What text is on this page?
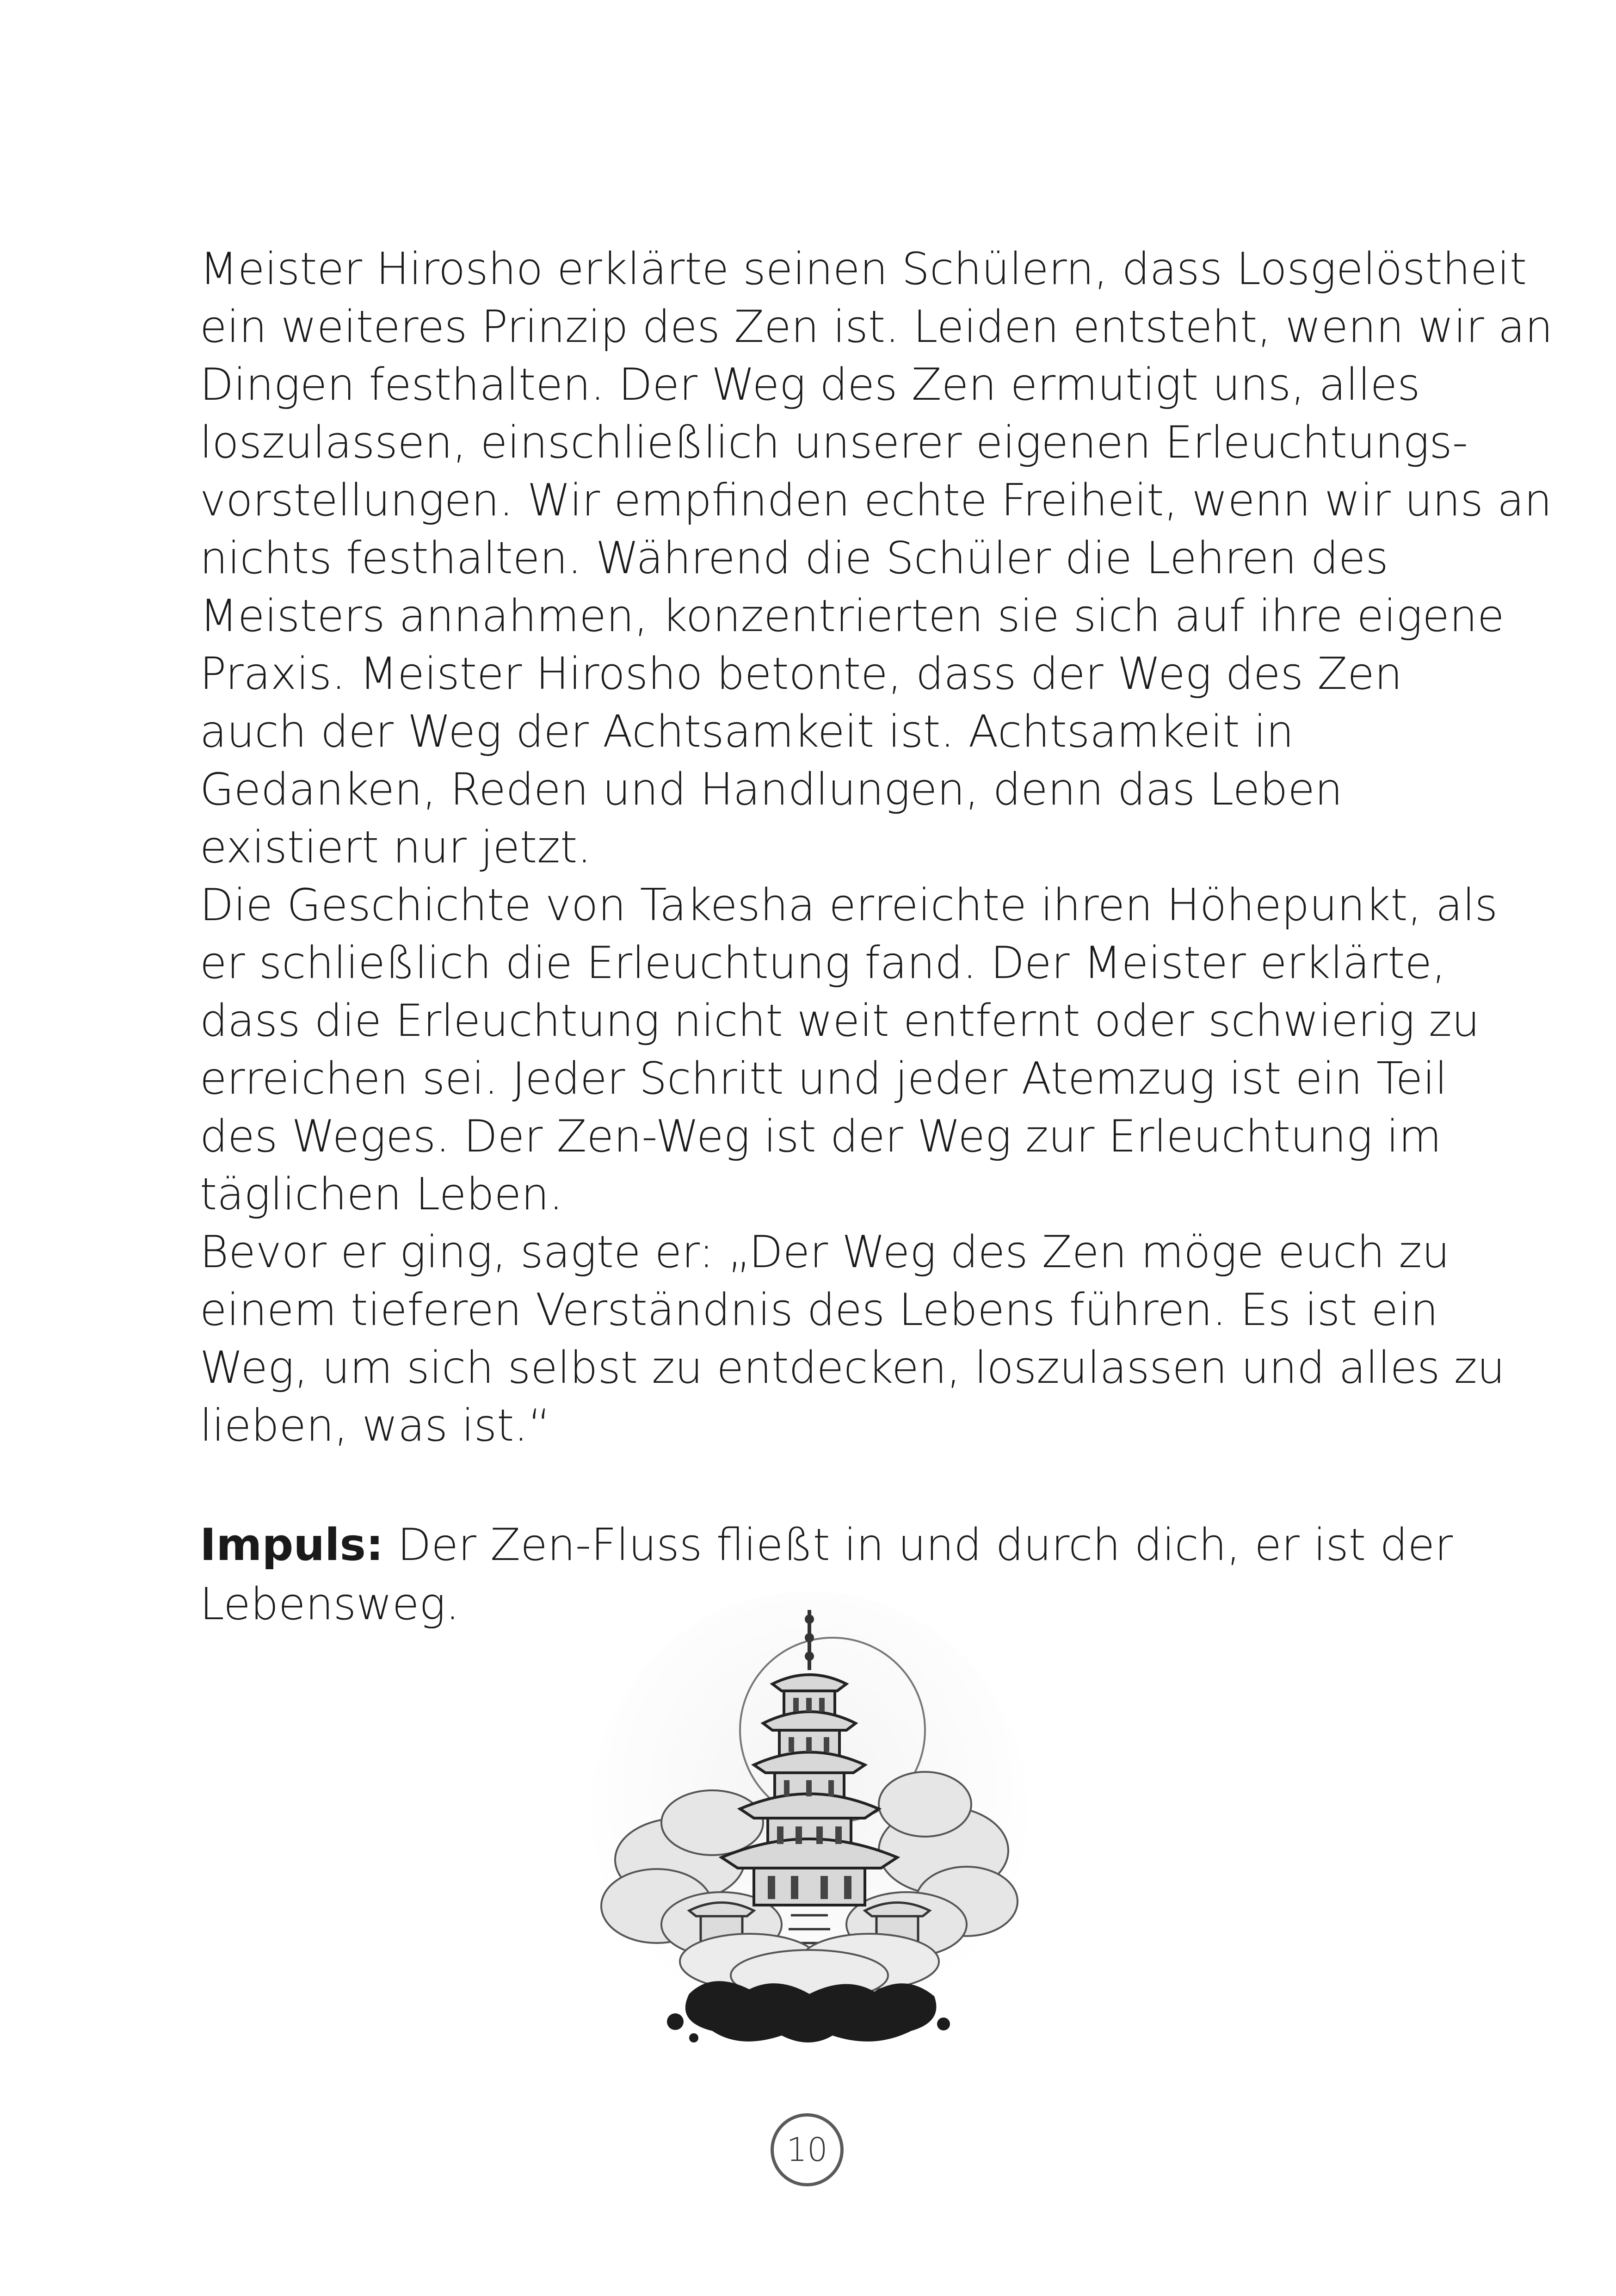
Meister Hirosho erklärte seinen Schülern, dass Losgelöstheit
ein weiteres Prinzip des Zen ist. Leiden entsteht, wenn wir an
Dingen festhalten. Der Weg des Zen ermutigt uns, alles
loszulassen, einschließlich unserer eigenen Erleuchtungs-
vorstellungen. Wir empfinden echte Freiheit, wenn wir uns an
nichts festhalten. Während die Schüler die Lehren des
Meisters annahmen, konzentrierten sie sich auf ihre eigene
Praxis. Meister Hirosho betonte, dass der Weg des Zen
auch der Weg der Achtsamkeit ist. Achtsamkeit in
Gedanken, Reden und Handlungen, denn das Leben
existiert nur jetzt.

Die Geschichte von Takesha erreichte ihren Höhepunkt, als
er schließlich die Erleuchtung fand. Der Meister erklärte,
dass die Erleuchtung nicht weit entfernt oder schwierig zu
erreichen sei. Jeder Schritt und jeder Atemzug ist ein Teil
des Weges. Der Zen-Weg ist der Weg zur Erleuchtung im
täglichen Leben.

Bevor er ging, sagte er: „Der Weg des Zen möge euch zu
einem tieferen Verständnis des Lebens führen. Es ist ein
Weg, um sich selbst zu entdecken, loszulassen und alles zu
lieben, was ist.“

Impuls: Der Zen-Fluss fließt in und durch dich, er ist der
Lebensweg.
10
